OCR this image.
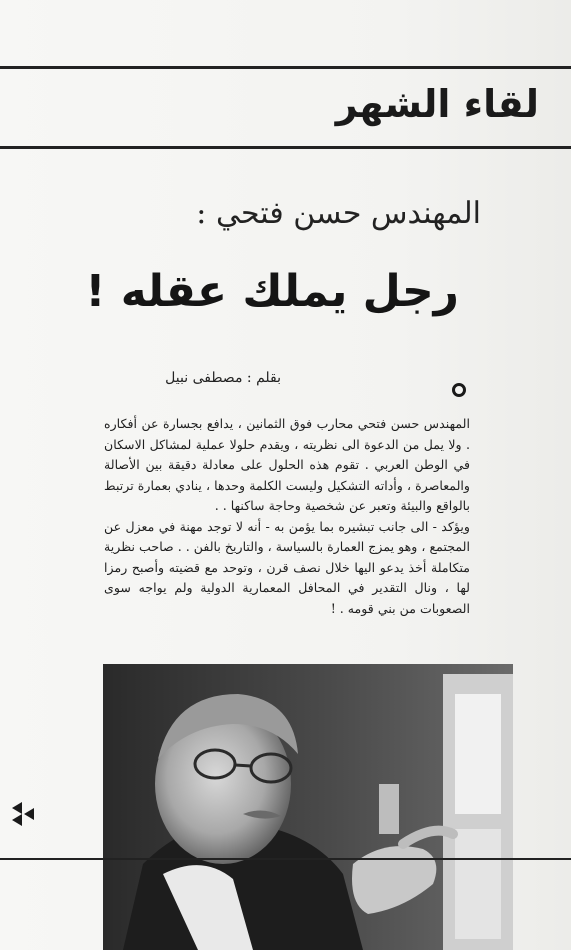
لقاء الشهر
المهندس حسن فتحي :
رجل يملك عقله !
بقلم : مصطفى نبيل

المهندس حسن فتحي محارب فوق الثمانين ، يدافع بجسارة عن أفكاره . ولا يمل من الدعوة الى نظريته ، ويقدم حلولا عملية لمشاكل الاسكان في الوطن العربي . تقوم هذه الحلول على معادلة دقيقة بين الأصالة والمعاصرة ، وأداته التشكيل وليست الكلمة وحدها ، ينادي بعمارة ترتبط بالواقع والبيئة وتعبر عن شخصية وحاجة ساكنها . .

ويؤكد - الى جانب تبشيره بما يؤمن به - أنه لا توجد مهنة في معزل عن المجتمع ، وهو يمزج العمارة بالسياسة ، والتاريخ بالفن . . صاحب نظرية متكاملة أخذ يدعو اليها خلال نصف قرن ، وتوحد مع قضيته وأصبح رمزا لها ، ونال التقدير في المحافل المعمارية الدولية ولم يواجه سوى الصعوبات من بني قومه . !
